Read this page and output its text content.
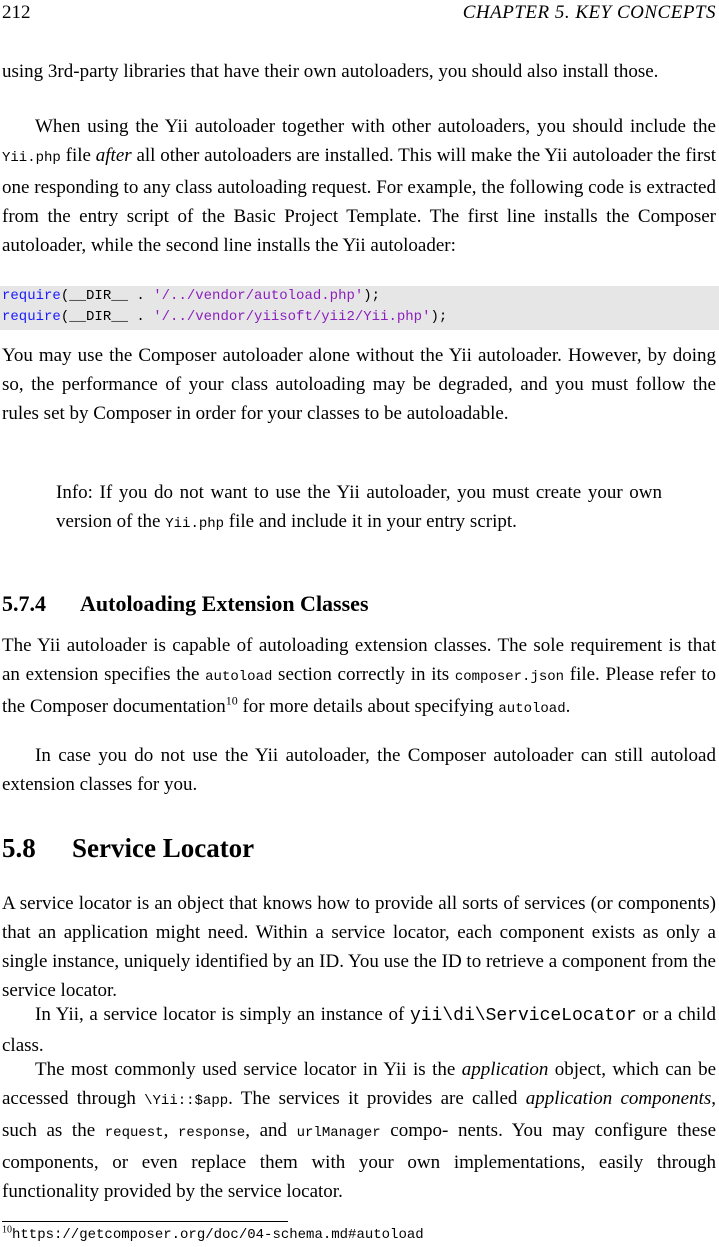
212	CHAPTER 5. KEY CONCEPTS

using 3rd-party libraries that have their own autoloaders, you should also install those.

When using the Yii autoloader together with other autoloaders, you should include the Yii.php file after all other autoloaders are installed. This will make the Yii autoloader the first one responding to any class autoloading request. For example, the following code is extracted from the entry script of the Basic Project Template. The first line installs the Composer autoloader, while the second line installs the Yii autoloader:

require(__DIR__ . '/../vendor/autoload.php');
require(__DIR__ . '/../vendor/yiisoft/yii2/Yii.php');

You may use the Composer autoloader alone without the Yii autoloader. However, by doing so, the performance of your class autoloading may be degraded, and you must follow the rules set by Composer in order for your classes to be autoloadable.

Info: If you do not want to use the Yii autoloader, you must create your own version of the Yii.php file and include it in your entry script.

5.7.4 Autoloading Extension Classes

The Yii autoloader is capable of autoloading extension classes. The sole requirement is that an extension specifies the autoload section correctly in its composer.json file. Please refer to the Composer documentation$^{10}$ for more details about specifying autoload.

In case you do not use the Yii autoloader, the Composer autoloader can still autoload extension classes for you.

5.8 Service Locator

A service locator is an object that knows how to provide all sorts of services (or components) that an application might need. Within a service locator, each component exists as only a single instance, uniquely identified by an ID. You use the ID to retrieve a component from the service locator.

In Yii, a service locator is simply an instance of yii\di\ServiceLocator or a child class.

The most commonly used service locator in Yii is the application object, which can be accessed through \Yii::$app. The services it provides are called application components, such as the request, response, and urlManager compo- nents. You may configure these components, or even replace them with your own implementations, easily through functionality provided by the service locator.

$^{10}$https://getcomposer.org/doc/04-schema.md#autoload
